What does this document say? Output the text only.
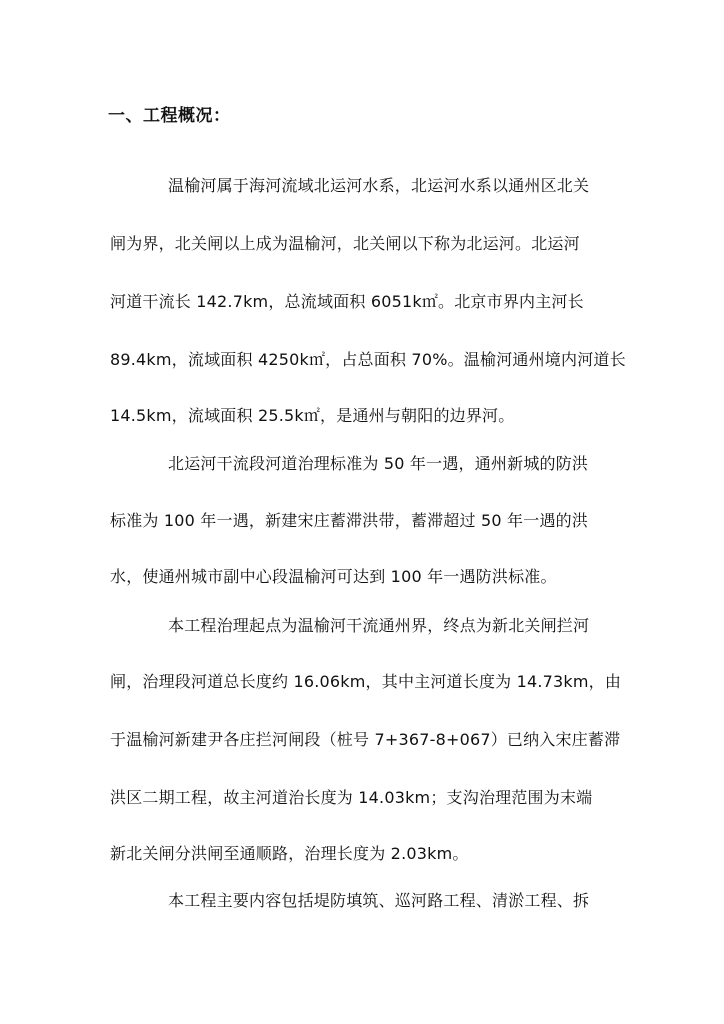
一、工程概况：
温榆河属于海河流域北运河水系，北运河水系以通州区北关
闸为界，北关闸以上成为温榆河，北关闸以下称为北运河。北运河
河道干流长 142.7km，总流域面积 6051k㎡。北京市界内主河长
89.4km，流域面积 4250k㎡，占总面积 70%。温榆河通州境内河道长
14.5km，流域面积 25.5k㎡，是通州与朝阳的边界河。
北运河干流段河道治理标准为 50 年一遇，通州新城的防洪
标准为 100 年一遇，新建宋庄蓄滞洪带，蓄滞超过 50 年一遇的洪
水，使通州城市副中心段温榆河可达到 100 年一遇防洪标准。
本工程治理起点为温榆河干流通州界，终点为新北关闸拦河
闸，治理段河道总长度约 16.06km，其中主河道长度为 14.73km，由
于温榆河新建尹各庄拦河闸段（桩号 7+367-8+067）已纳入宋庄蓄滞
洪区二期工程，故主河道治长度为 14.03km；支沟治理范围为末端
新北关闸分洪闸至通顺路，治理长度为 2.03km。
本工程主要内容包括堤防填筑、巡河路工程、清淤工程、拆
